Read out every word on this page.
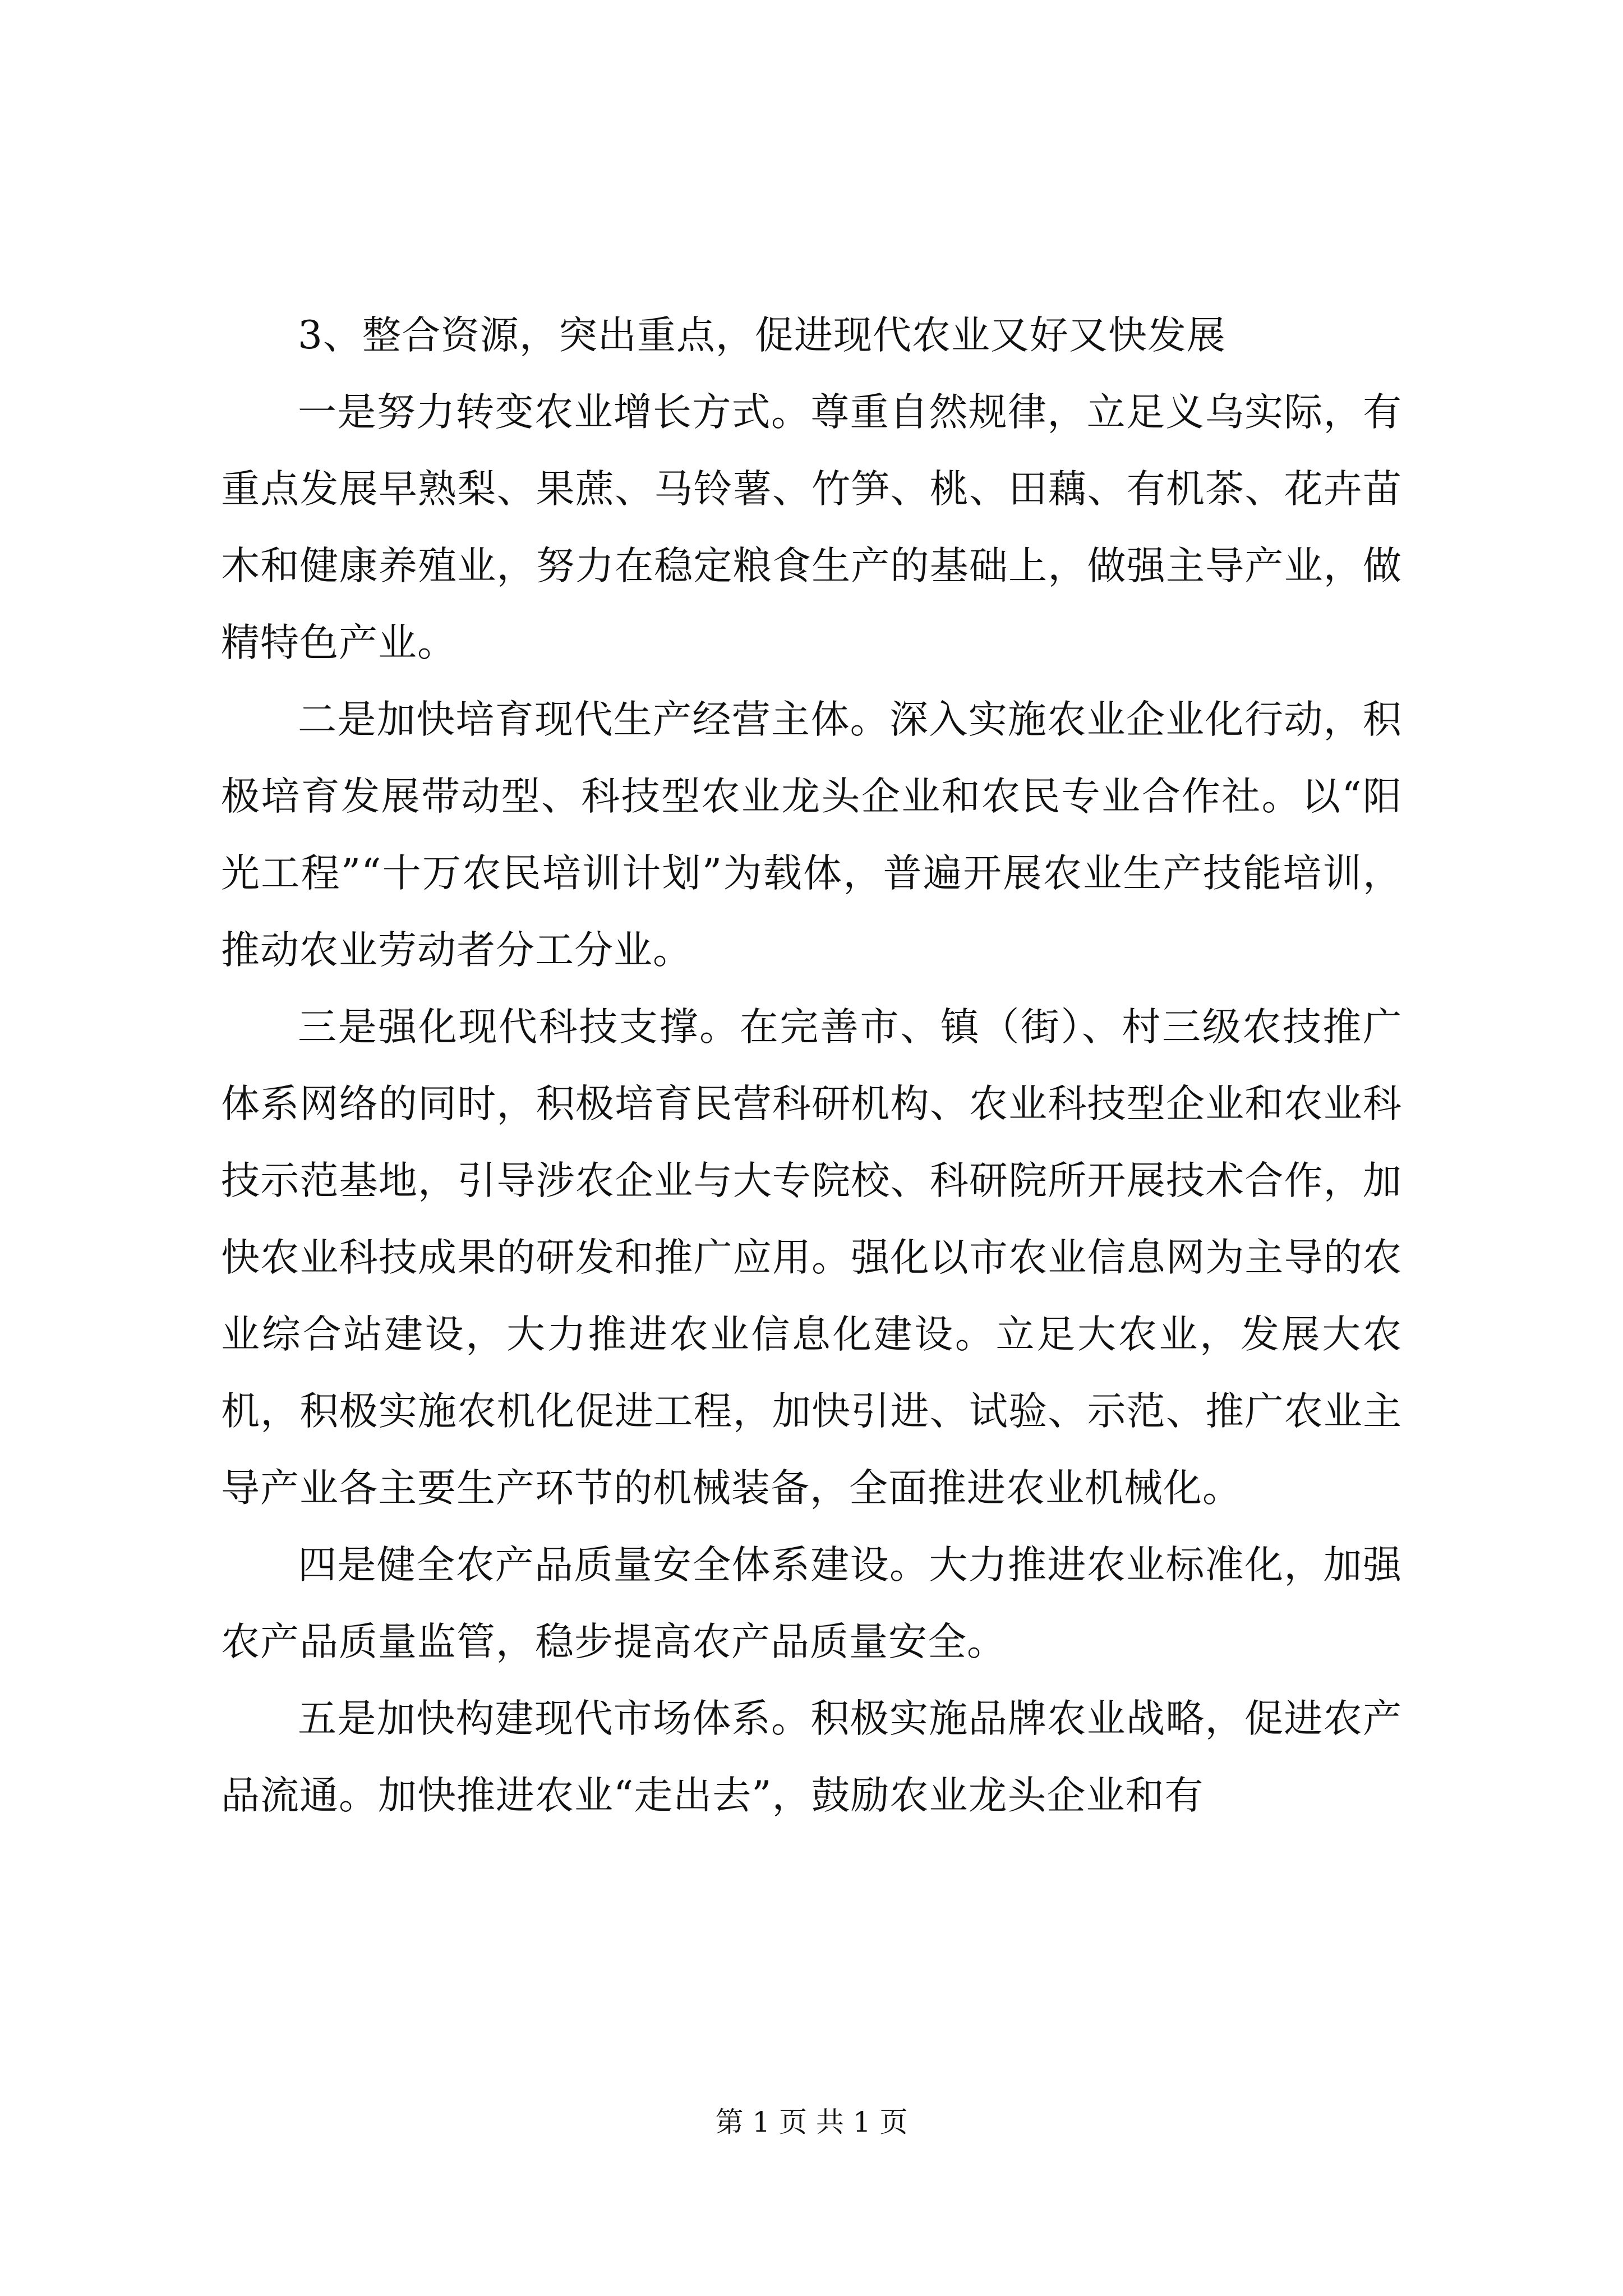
3、整合资源，突出重点，促进现代农业又好又快发展

一是努力转变农业增长方式。尊重自然规律，立足义乌实际，有重点发展早熟梨、果蔗、马铃薯、竹笋、桃、田藕、有机茶、花卉苗木和健康养殖业，努力在稳定粮食生产的基础上，做强主导产业，做精特色产业。

二是加快培育现代生产经营主体。深入实施农业企业化行动，积极培育发展带动型、科技型农业龙头企业和农民专业合作社。以“阳光工程”“十万农民培训计划”为载体，普遍开展农业生产技能培训，推动农业劳动者分工分业。

三是强化现代科技支撑。在完善市、镇（街）、村三级农技推广体系网络的同时，积极培育民营科研机构、农业科技型企业和农业科技示范基地，引导涉农企业与大专院校、科研院所开展技术合作，加快农业科技成果的研发和推广应用。强化以市农业信息网为主导的农业综合站建设，大力推进农业信息化建设。立足大农业，发展大农机，积极实施农机化促进工程，加快引进、试验、示范、推广农业主导产业各主要生产环节的机械装备，全面推进农业机械化。

四是健全农产品质量安全体系建设。大力推进农业标准化，加强农产品质量监管，稳步提高农产品质量安全。

五是加快构建现代市场体系。积极实施品牌农业战略，促进农产品流通。加快推进农业“走出去”，鼓励农业龙头企业和有

第 1 页 共 1 页
